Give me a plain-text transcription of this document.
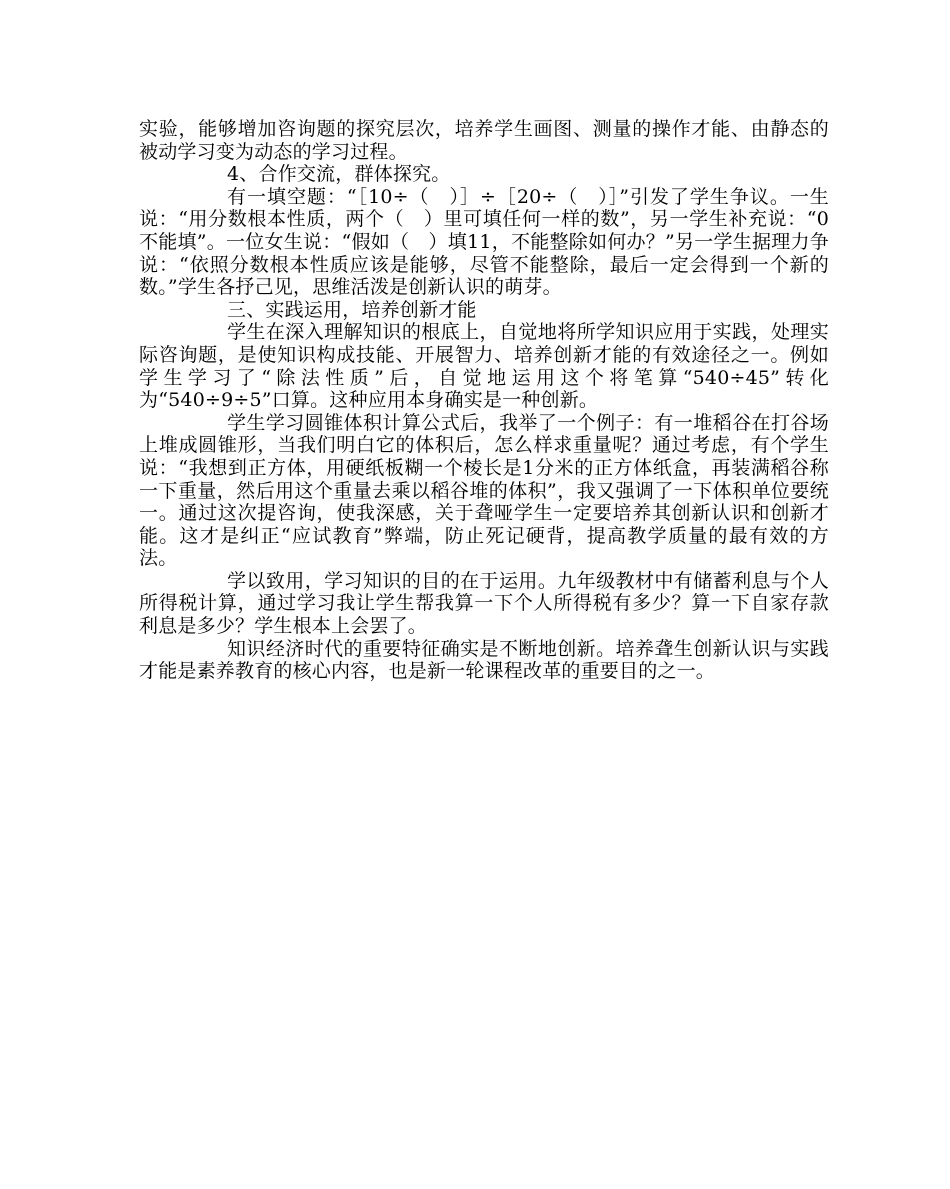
实验，能够增加咨询题的探究层次，培养学生画图、测量的操作才能、由静态的被动学习变为动态的学习过程。

4、合作交流，群体探究。

有一填空题：“［10÷（　）］÷［20÷（　）］”引发了学生争议。一生说：“用分数根本性质，两个（　）里可填任何一样的数”，另一学生补充说：“0不能填”。一位女生说：“假如（　）填11，不能整除如何办？”另一学生据理力争说：“依照分数根本性质应该是能够，尽管不能整除，最后一定会得到一个新的数。”学生各抒己见，思维活泼是创新认识的萌芽。

三、实践运用，培养创新才能

学生在深入理解知识的根底上，自觉地将所学知识应用于实践，处理实际咨询题，是使知识构成技能、开展智力、培养创新才能的有效途径之一。例如学生学习了“除法性质”后，自觉地运用这个将笔算“540÷45”转化为“540÷9÷5”口算。这种应用本身确实是一种创新。

学生学习圆锥体积计算公式后，我举了一个例子：有一堆稻谷在打谷场上堆成圆锥形，当我们明白它的体积后，怎么样求重量呢？通过考虑，有个学生说：“我想到正方体，用硬纸板糊一个棱长是1分米的正方体纸盒，再装满稻谷称一下重量，然后用这个重量去乘以稻谷堆的体积”，我又强调了一下体积单位要统一。通过这次提咨询，使我深感，关于聋哑学生一定要培养其创新认识和创新才能。这才是纠正“应试教育”弊端，防止死记硬背，提高教学质量的最有效的方法。

学以致用，学习知识的目的在于运用。九年级教材中有储蓄利息与个人所得税计算，通过学习我让学生帮我算一下个人所得税有多少？算一下自家存款利息是多少？学生根本上会罢了。

知识经济时代的重要特征确实是不断地创新。培养聋生创新认识与实践才能是素养教育的核心内容，也是新一轮课程改革的重要目的之一。
